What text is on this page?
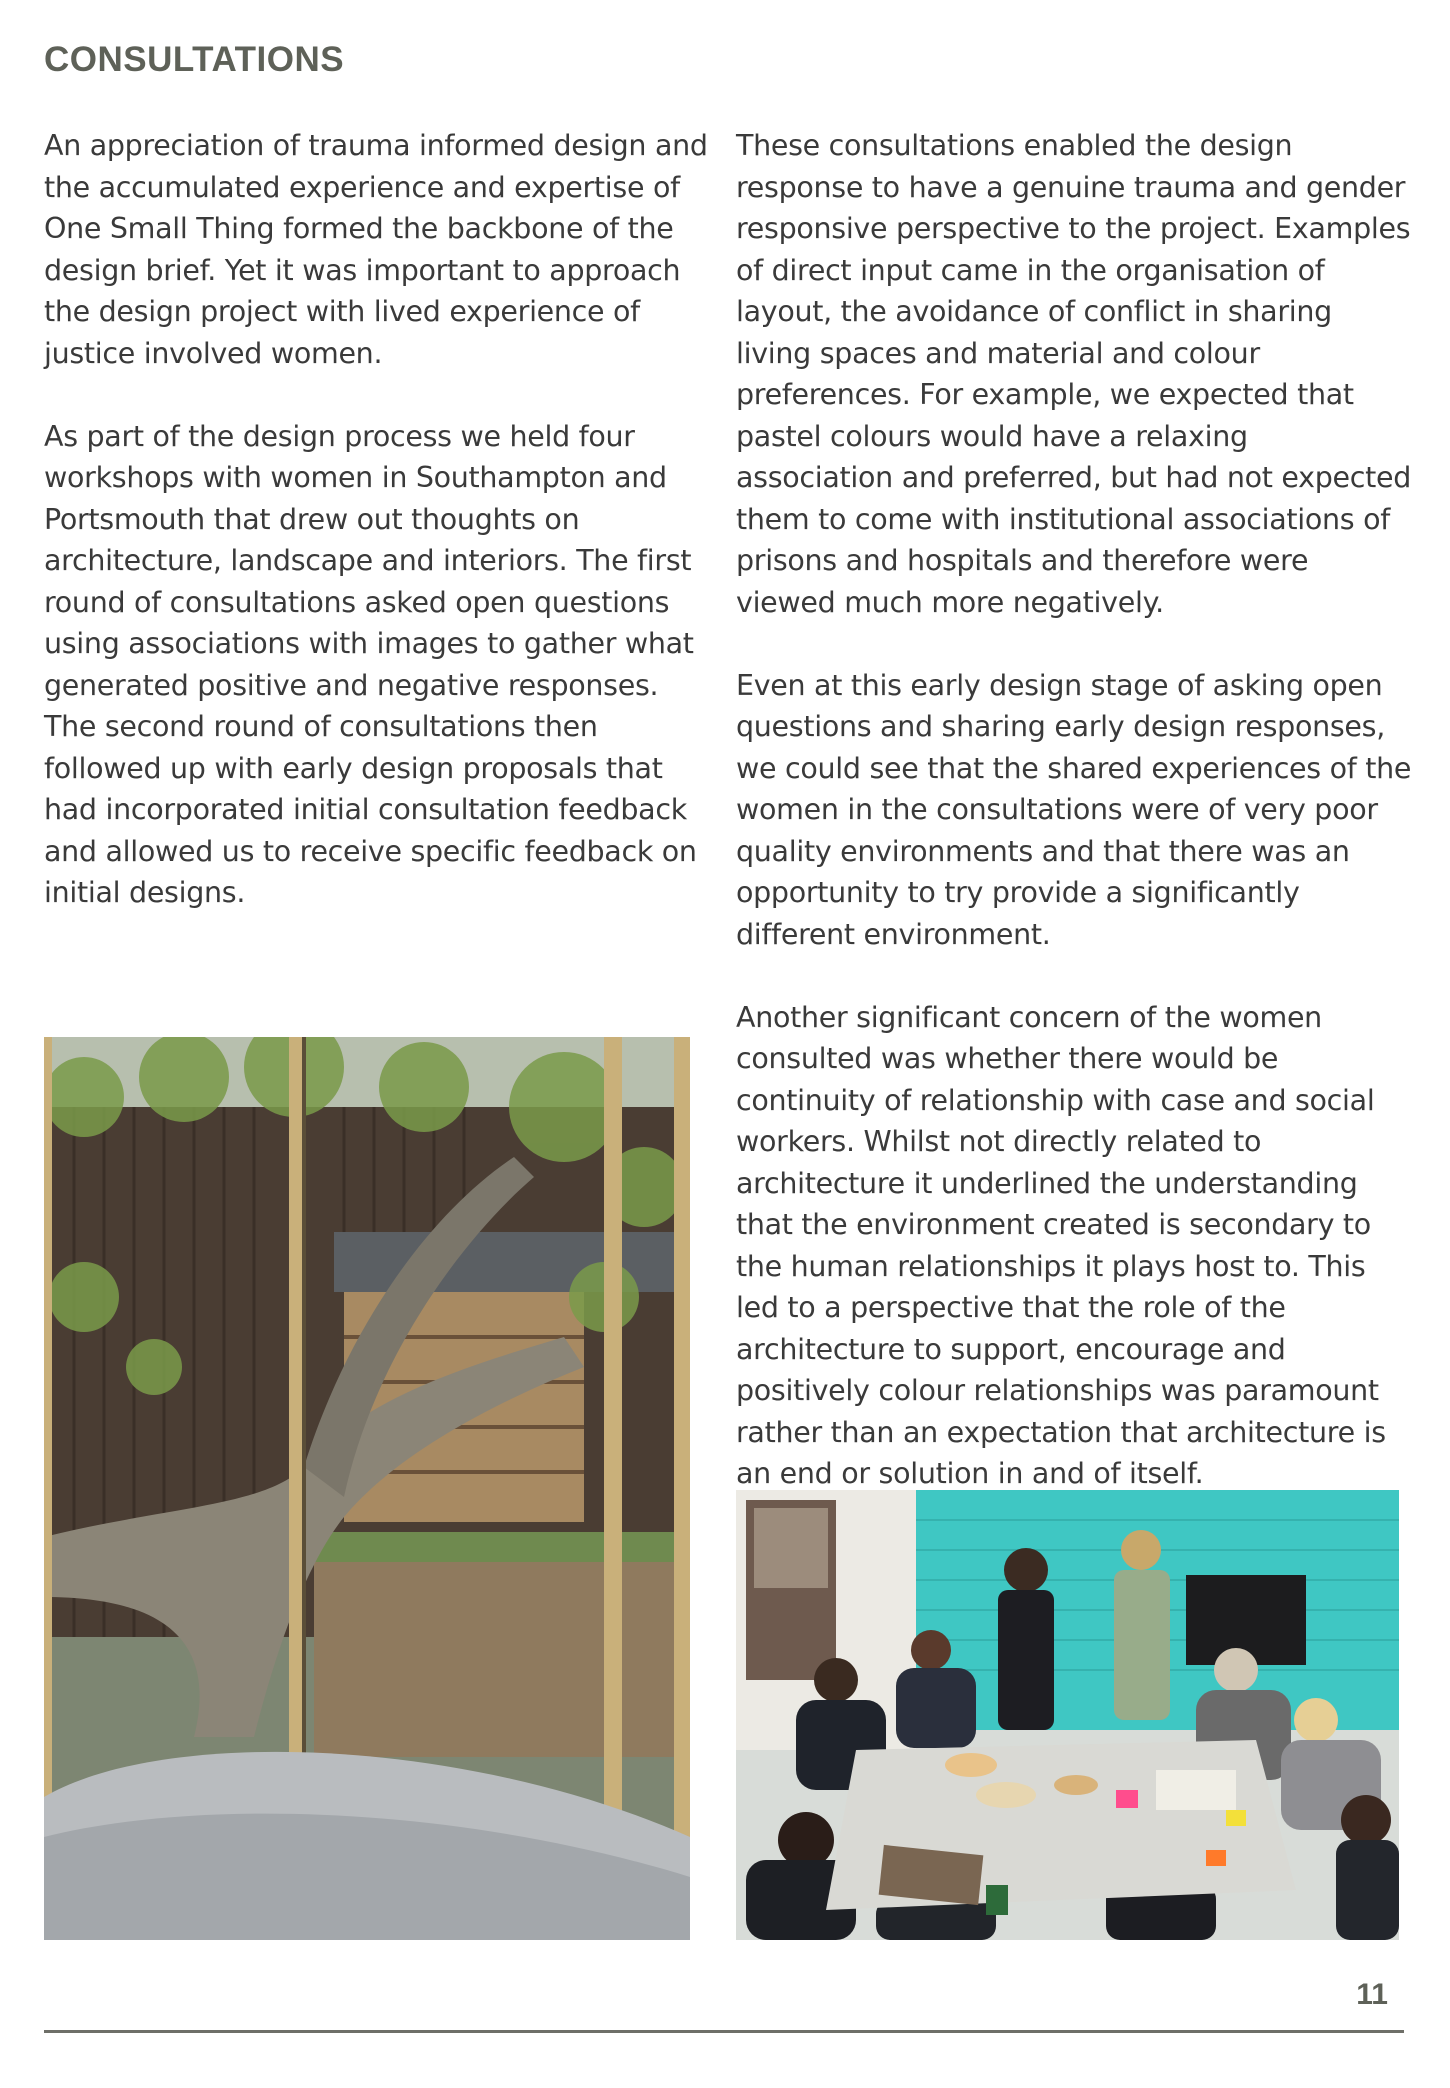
CONSULTATIONS

An appreciation of trauma informed design and the accumulated experience and expertise of One Small Thing formed the backbone of the design brief. Yet it was important to approach the design project with lived experience of justice involved women.

As part of the design process we held four workshops with women in Southampton and Portsmouth that drew out thoughts on architecture, landscape and interiors. The first round of consultations asked open questions using associations with images to gather what generated positive and negative responses. The second round of consultations then followed up with early design proposals that had incorporated initial consultation feedback and allowed us to receive specific feedback on initial designs.

These consultations enabled the design response to have a genuine trauma and gender responsive perspective to the project. Examples of direct input came in the organisation of layout, the avoidance of conflict in sharing living spaces and material and colour preferences. For example, we expected that pastel colours would have a relaxing association and preferred, but had not expected them to come with institutional associations of prisons and hospitals and therefore were viewed much more negatively.

Even at this early design stage of asking open questions and sharing early design responses, we could see that the shared experiences of the women in the consultations were of very poor quality environments and that there was an opportunity to try provide a significantly different environment.

Another significant concern of the women consulted was whether there would be continuity of relationship with case and social workers. Whilst not directly related to architecture it underlined the understanding that the environment created is secondary to the human relationships it plays host to. This led to a perspective that the role of the architecture to support, encourage and positively colour relationships was paramount rather than an expectation that architecture is an end or solution in and of itself.

11
